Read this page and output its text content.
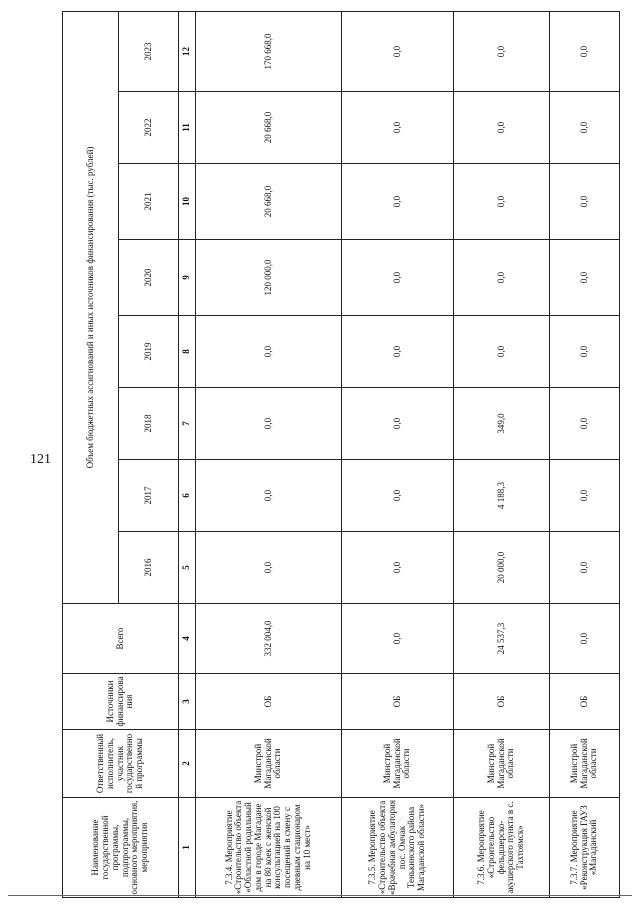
121
Наименование государственной программы, подпрограммы, основного мероприятия, мероприятия	Ответственный исполнитель, участник государственной программы	Источники финансирования	Всего	Объем бюджетных ассигнований и иных источников финансирования (тыс. рублей)							
				2016	2017	2018	2019	2020	2021	2022	2023
1	2	3	4	5	6	7	8	9	10	11	12
7.3.4. Мероприятие «Строительство объекта «Областной родильный дом в городе Магадане на 80 коек с женской консультацией на 100 посещений в смену с дневным стационаром на 10 мест»	Минстрой Магаданской области	ОБ	332 004,0	0,0	0,0	0,0	0,0	120 000,0	20 668,0	20 668,0	170 668,0
7.3.5. Мероприятие «Строительство объекта «Врачебная амбулатория пос. Омчак Тенькинского района Магаданской области»	Минстрой Магаданской области	ОБ	0,0	0,0	0,0	0,0	0,0	0,0	0,0	0,0	0,0
7.3.6. Мероприятие «Строительство фельдшерско-акушерского пункта в с. Тахтоямск»	Минстрой Магаданской области	ОБ	24 537,3	20 000,0	4 188,3	349,0	0,0	0,0	0,0	0,0	0,0
7.3.7. Мероприятие «Реконструкция ГАУЗ «Магаданский	Минстрой Магаданской области	ОБ	0,0	0,0	0,0	0,0	0,0	0,0	0,0	0,0	0,0
